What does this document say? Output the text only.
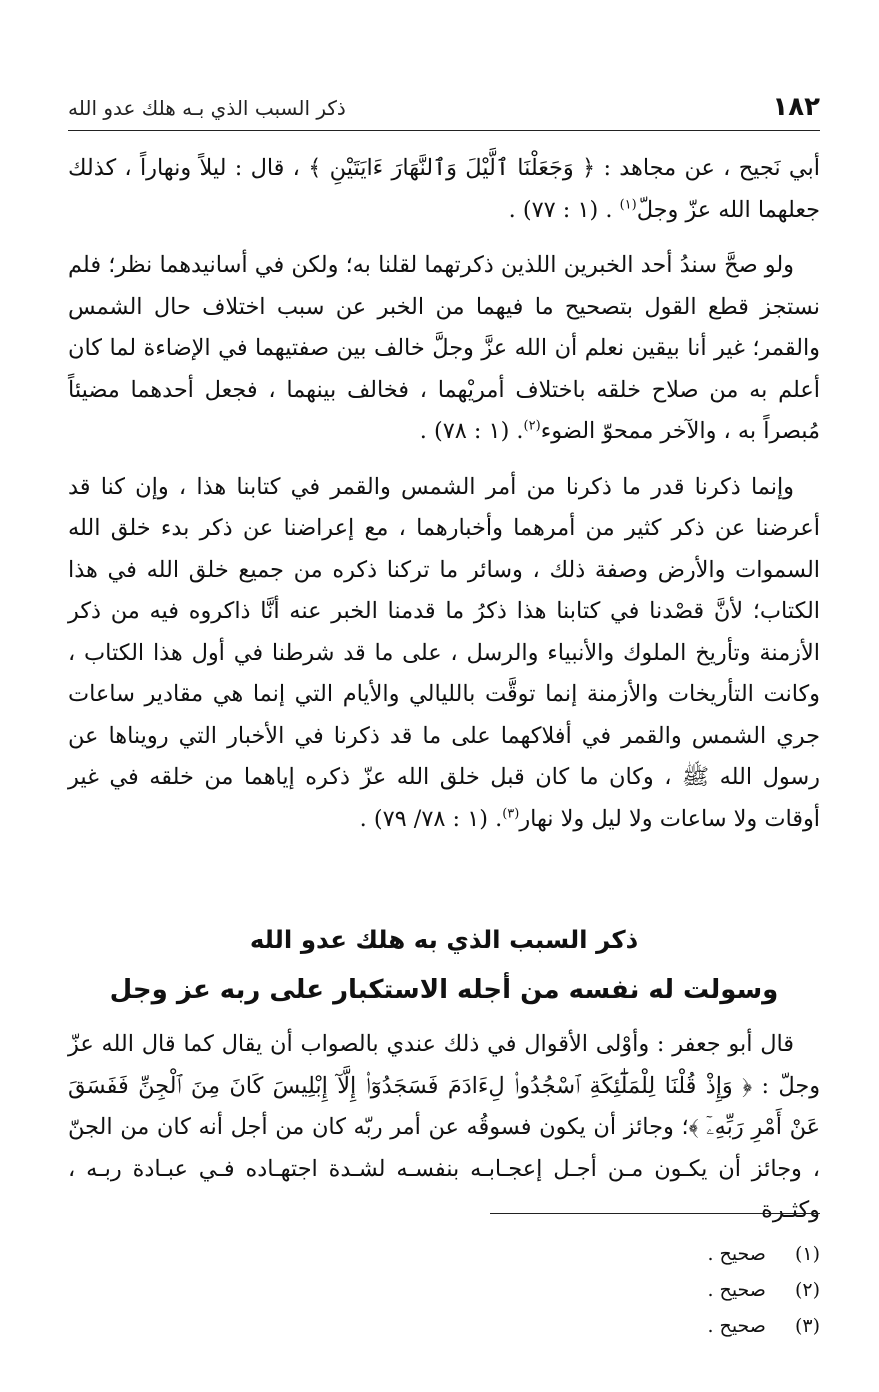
١٨٢
ذكر السبب الذي بـه هلك عدو الله

أبي نَجيح ، عن مجاهد : ﴿ وَجَعَلْنَا ٱلَّيْلَ وَٱلنَّهَارَ ءَايَتَيْنِ ﴾ ، قال : ليلاً ونهاراً ، كذلك جعلهما الله عزّ وجلّ$^{(١)}$ . (١ : ٧٧) .

ولو صحَّ سندُ أحد الخبرين اللذين ذكرتهما لقلنا به؛ ولكن في أسانيدهما نظر؛ فلم نستجز قطع القول بتصحيح ما فيهما من الخبر عن سبب اختلاف حال الشمس والقمر؛ غير أنا بيقين نعلم أن الله عزَّ وجلَّ خالف بين صفتيهما في الإضاءة لما كان أعلم به من صلاح خلقه باختلاف أمريْهما ، فخالف بينهما ، فجعل أحدهما مضيئاً مُبصراً به ، والآخر ممحوّ الضوء$^{(٢)}$. (١ : ٧٨) .

وإنما ذكرنا قدر ما ذكرنا من أمر الشمس والقمر في كتابنا هذا ، وإن كنا قد أعرضنا عن ذكر كثير من أمرهما وأخبارهما ، مع إعراضنا عن ذكر بدء خلق الله السموات والأرض وصفة ذلك ، وسائر ما تركنا ذكره من جميع خلق الله في هذا الكتاب؛ لأنَّ قصْدنا في كتابنا هذا ذكرُ ما قدمنا الخبر عنه أنَّا ذاكروه فيه من ذكر الأزمنة وتأريخ الملوك والأنبياء والرسل ، على ما قد شرطنا في أول هذا الكتاب ، وكانت التأريخات والأزمنة إنما توقَّت بالليالي والأيام التي إنما هي مقادير ساعات جري الشمس والقمر في أفلاكهما على ما قد ذكرنا في الأخبار التي رويناها عن رسول الله ﷺ ، وكان ما كان قبل خلق الله عزّ ذكره إياهما من خلقه في غير أوقات ولا ساعات ولا ليل ولا نهار$^{(٣)}$. (١ : ٧٨/ ٧٩) .

ذكر السبب الذي به هلك عدو الله
وسولت له نفسه من أجله الاستكبار على ربه عز وجل

قال أبو جعفر : وأوْلى الأقوال في ذلك عندي بالصواب أن يقال كما قال الله عزّ وجلّ : ﴿ وَإِذْ قُلْنَا لِلْمَلَٰٓئِكَةِ ٱسْجُدُوا۟ لِءَادَمَ فَسَجَدُوٓا۟ إِلَّآ إِبْلِيسَ كَانَ مِنَ ٱلْجِنِّ فَفَسَقَ عَنْ أَمْرِ رَبِّهِۦٓ ﴾؛ وجائز أن يكون فسوقُه عن أمر ربّه كان من أجل أنه كان من الجنّ ، وجائز أن يكـون مـن أجـل إعجـابـه بنفسـه لشـدة اجتهـاده فـي عبـادة ربـه ، وكثـرة

(١) صحيح .
(٢) صحيح .
(٣) صحيح .
